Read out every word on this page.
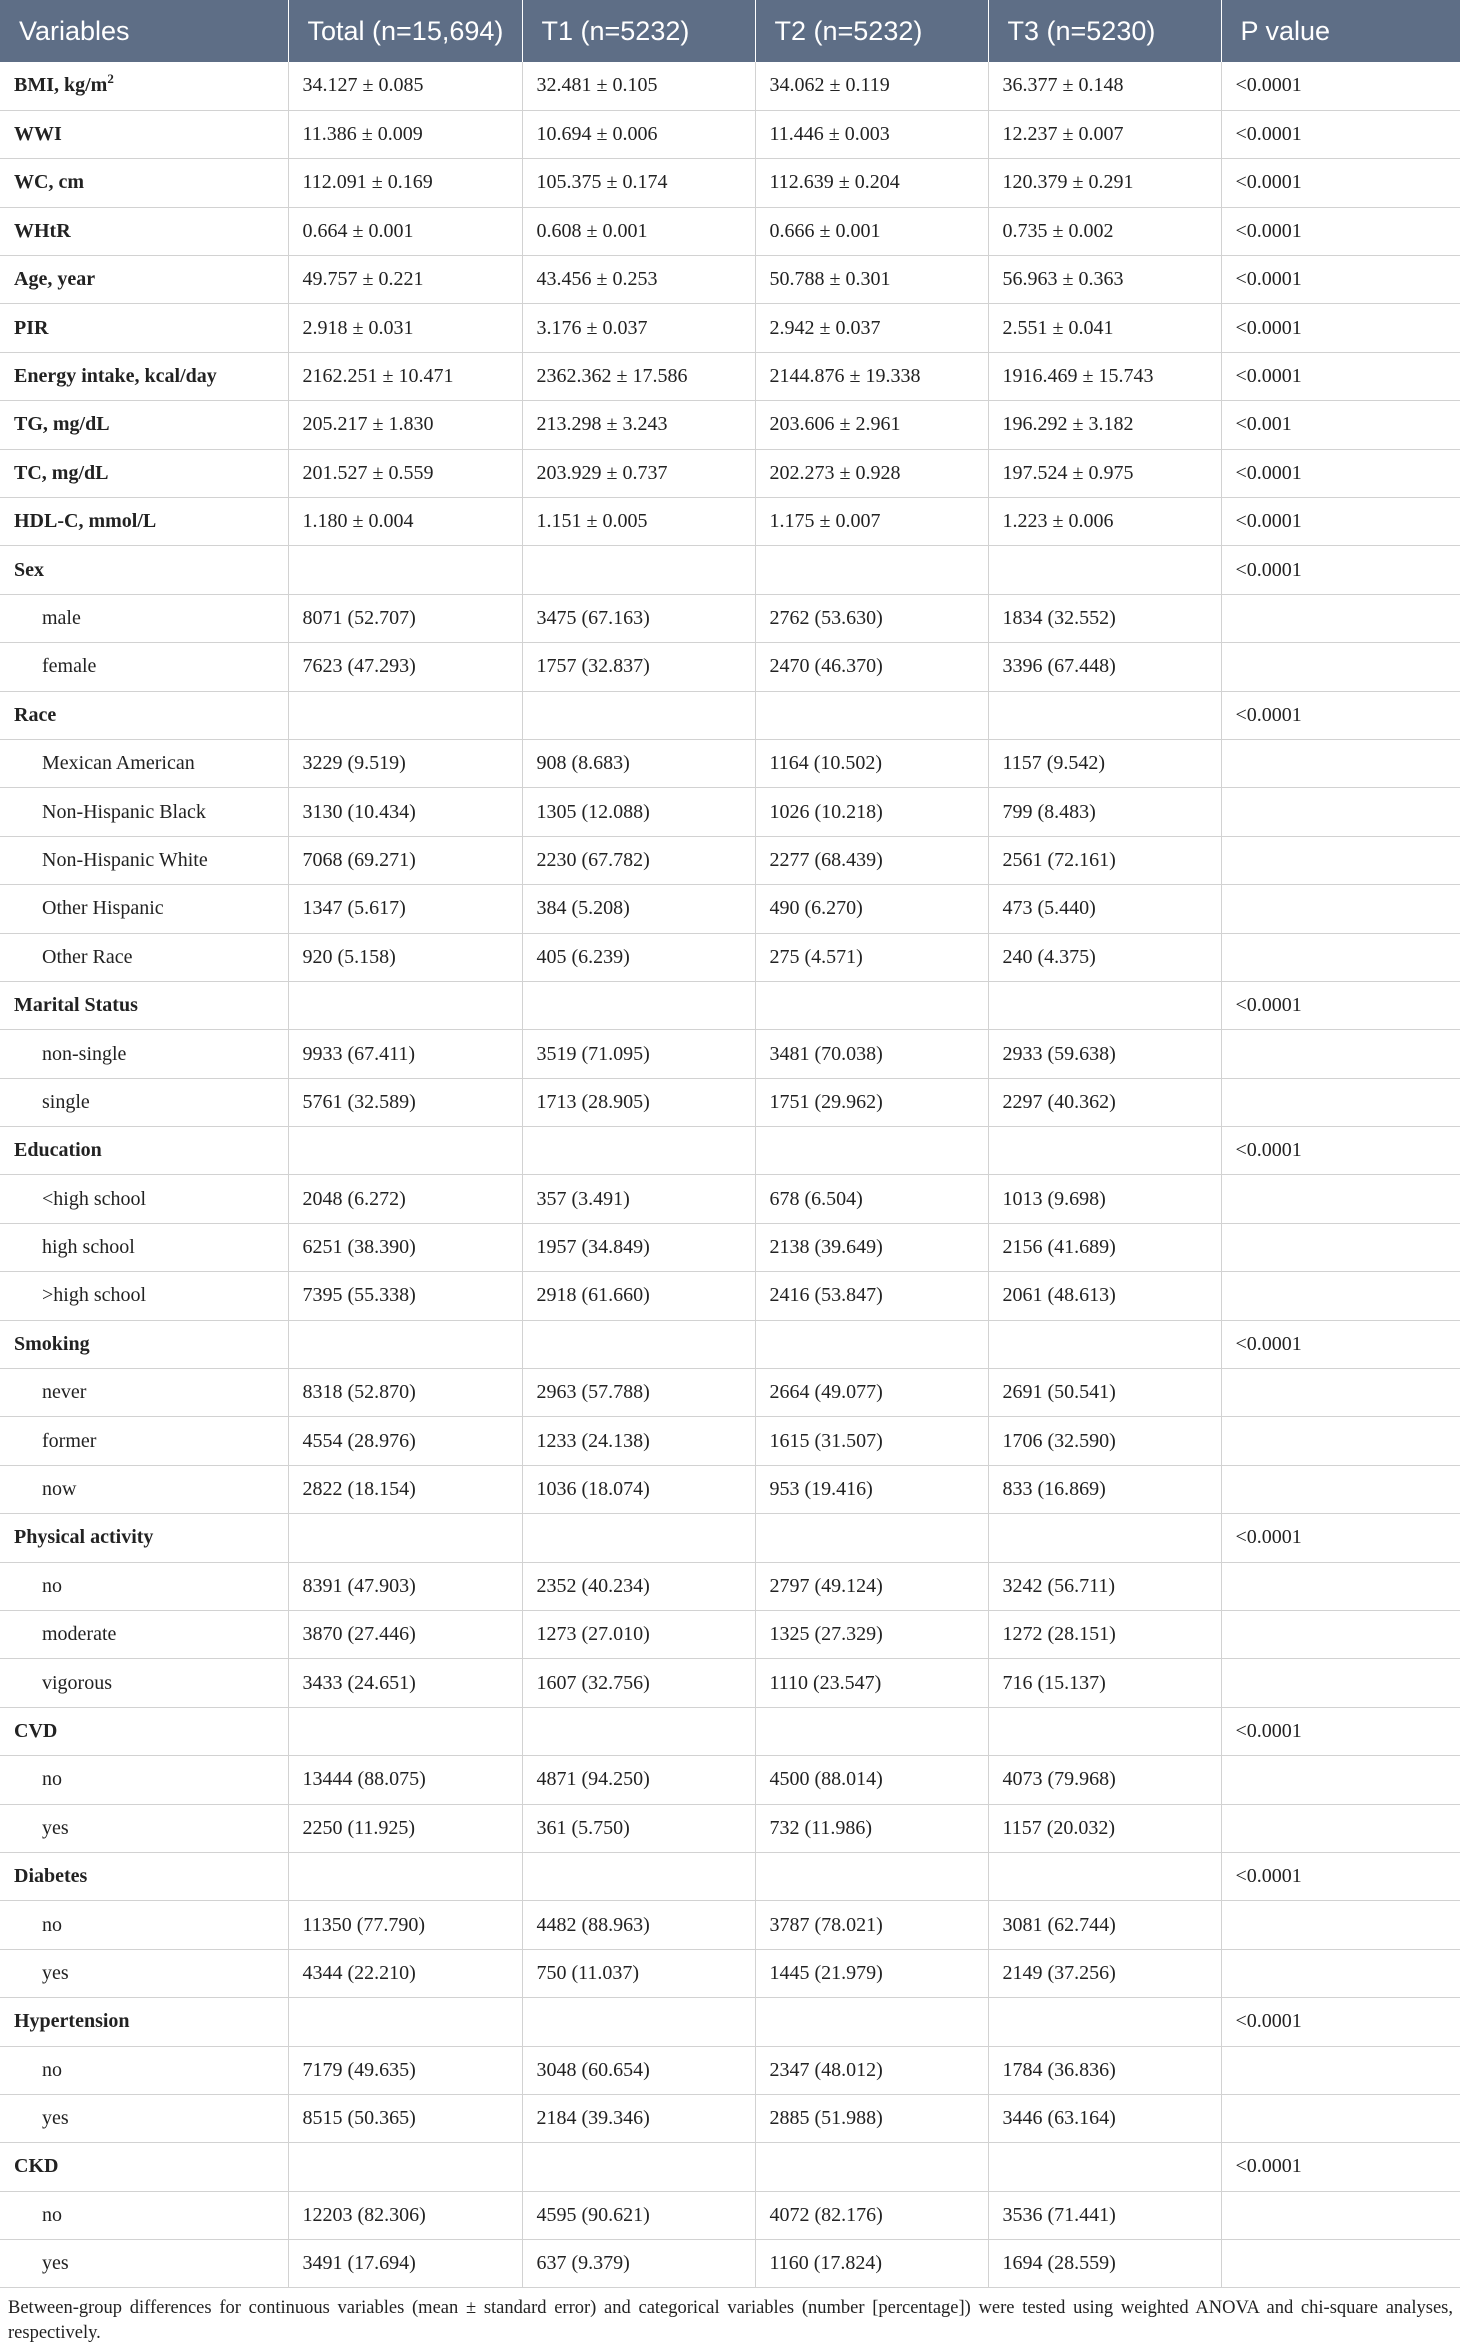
Variables	Total (n=15,694)	T1 (n=5232)	T2 (n=5232)	T3 (n=5230)	P value
BMI, $kg/m^2$	34.127 ± 0.085	32.481 ± 0.105	34.062 ± 0.119	36.377 ± 0.148	<0.0001
WWI	11.386 ± 0.009	10.694 ± 0.006	11.446 ± 0.003	12.237 ± 0.007	<0.0001
WC, cm	112.091 ± 0.169	105.375 ± 0.174	112.639 ± 0.204	120.379 ± 0.291	<0.0001
WHtR	0.664 ± 0.001	0.608 ± 0.001	0.666 ± 0.001	0.735 ± 0.002	<0.0001
Age, year	49.757 ± 0.221	43.456 ± 0.253	50.788 ± 0.301	56.963 ± 0.363	<0.0001
PIR	2.918 ± 0.031	3.176 ± 0.037	2.942 ± 0.037	2.551 ± 0.041	<0.0001
Energy intake, kcal/day	2162.251 ± 10.471	2362.362 ± 17.586	2144.876 ± 19.338	1916.469 ± 15.743	<0.0001
TG, mg/dL	205.217 ± 1.830	213.298 ± 3.243	203.606 ± 2.961	196.292 ± 3.182	<0.001
TC, mg/dL	201.527 ± 0.559	203.929 ± 0.737	202.273 ± 0.928	197.524 ± 0.975	<0.0001
HDL-C, mmol/L	1.180 ± 0.004	1.151 ± 0.005	1.175 ± 0.007	1.223 ± 0.006	<0.0001
Sex					<0.0001
male	8071 (52.707)	3475 (67.163)	2762 (53.630)	1834 (32.552)	
female	7623 (47.293)	1757 (32.837)	2470 (46.370)	3396 (67.448)	
Race					<0.0001
Mexican American	3229 (9.519)	908 (8.683)	1164 (10.502)	1157 (9.542)	
Non-Hispanic Black	3130 (10.434)	1305 (12.088)	1026 (10.218)	799 (8.483)	
Non-Hispanic White	7068 (69.271)	2230 (67.782)	2277 (68.439)	2561 (72.161)	
Other Hispanic	1347 (5.617)	384 (5.208)	490 (6.270)	473 (5.440)	
Other Race	920 (5.158)	405 (6.239)	275 (4.571)	240 (4.375)	
Marital Status					<0.0001
non-single	9933 (67.411)	3519 (71.095)	3481 (70.038)	2933 (59.638)	
single	5761 (32.589)	1713 (28.905)	1751 (29.962)	2297 (40.362)	
Education					<0.0001
<high school	2048 (6.272)	357 (3.491)	678 (6.504)	1013 (9.698)	
high school	6251 (38.390)	1957 (34.849)	2138 (39.649)	2156 (41.689)	
>high school	7395 (55.338)	2918 (61.660)	2416 (53.847)	2061 (48.613)	
Smoking					<0.0001
never	8318 (52.870)	2963 (57.788)	2664 (49.077)	2691 (50.541)	
former	4554 (28.976)	1233 (24.138)	1615 (31.507)	1706 (32.590)	
now	2822 (18.154)	1036 (18.074)	953 (19.416)	833 (16.869)	
Physical activity					<0.0001
no	8391 (47.903)	2352 (40.234)	2797 (49.124)	3242 (56.711)	
moderate	3870 (27.446)	1273 (27.010)	1325 (27.329)	1272 (28.151)	
vigorous	3433 (24.651)	1607 (32.756)	1110 (23.547)	716 (15.137)	
CVD					<0.0001
no	13444 (88.075)	4871 (94.250)	4500 (88.014)	4073 (79.968)	
yes	2250 (11.925)	361 (5.750)	732 (11.986)	1157 (20.032)	
Diabetes					<0.0001
no	11350 (77.790)	4482 (88.963)	3787 (78.021)	3081 (62.744)	
yes	4344 (22.210)	750 (11.037)	1445 (21.979)	2149 (37.256)	
Hypertension					<0.0001
no	7179 (49.635)	3048 (60.654)	2347 (48.012)	1784 (36.836)	
yes	8515 (50.365)	2184 (39.346)	2885 (51.988)	3446 (63.164)	
CKD					<0.0001
no	12203 (82.306)	4595 (90.621)	4072 (82.176)	3536 (71.441)	
yes	3491 (17.694)	637 (9.379)	1160 (17.824)	1694 (28.559)	
Between-group differences for continuous variables (mean ± standard error) and categorical variables (number [percentage]) were tested using weighted ANOVA and chi-square analyses, respectively.
